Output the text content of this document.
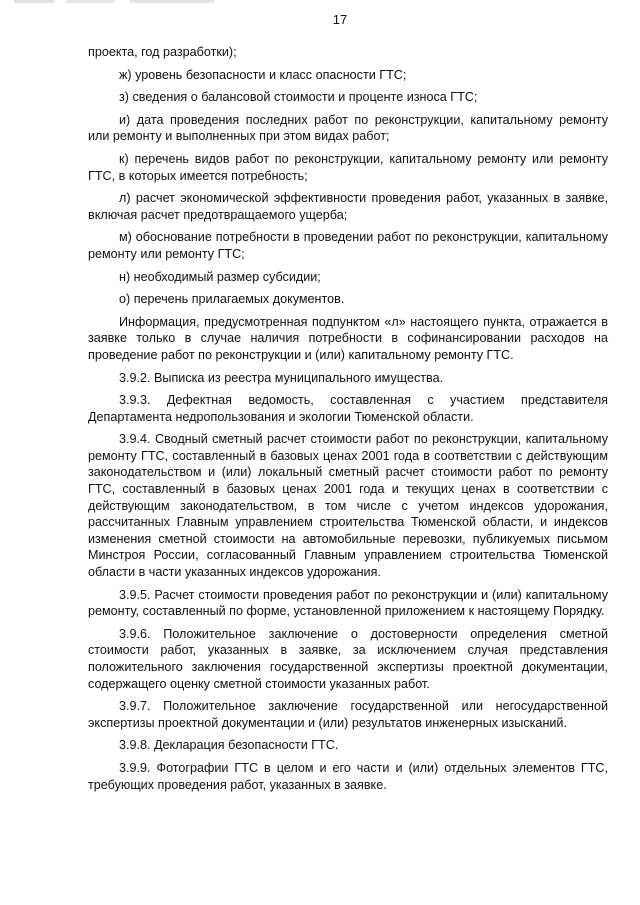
17

проекта, год разработки);

ж) уровень безопасности и класс опасности ГТС;

з) сведения о балансовой стоимости и проценте износа ГТС;

и) дата проведения последних работ по реконструкции, капитальному ремонту или ремонту и выполненных при этом видах работ;

к) перечень видов работ по реконструкции, капитальному ремонту или ремонту ГТС, в которых имеется потребность;

л) расчет экономической эффективности проведения работ, указанных в заявке, включая расчет предотвращаемого ущерба;

м) обоснование потребности в проведении работ по реконструкции, капитальному ремонту или ремонту ГТС;

н) необходимый размер субсидии;

о) перечень прилагаемых документов.

Информация, предусмотренная подпунктом «л» настоящего пункта, отражается в заявке только в случае наличия потребности в софинансировании расходов на проведение работ по реконструкции и (или) капитальному ремонту ГТС.

3.9.2. Выписка из реестра муниципального имущества.

3.9.3. Дефектная ведомость, составленная с участием представителя Департамента недропользования и экологии Тюменской области.

3.9.4. Сводный сметный расчет стоимости работ по реконструкции, капитальному ремонту ГТС, составленный в базовых ценах 2001 года в соответствии с действующим законодательством и (или) локальный сметный расчет стоимости работ по ремонту ГТС, составленный в базовых ценах 2001 года и текущих ценах в соответствии с действующим законодательством, в том числе с учетом индексов удорожания, рассчитанных Главным управлением строительства Тюменской области, и индексов изменения сметной стоимости на автомобильные перевозки, публикуемых письмом Минстроя России, согласованный Главным управлением строительства Тюменской области в части указанных индексов удорожания.

3.9.5. Расчет стоимости проведения работ по реконструкции и (или) капитальному ремонту, составленный по форме, установленной приложением к настоящему Порядку.

3.9.6. Положительное заключение о достоверности определения сметной стоимости работ, указанных в заявке, за исключением случая представления положительного заключения государственной экспертизы проектной документации, содержащего оценку сметной стоимости указанных работ.

3.9.7. Положительное заключение государственной или негосударственной экспертизы проектной документации и (или) результатов инженерных изысканий.

3.9.8. Декларация безопасности ГТС.

3.9.9. Фотографии ГТС в целом и его части и (или) отдельных элементов ГТС, требующих проведения работ, указанных в заявке.
